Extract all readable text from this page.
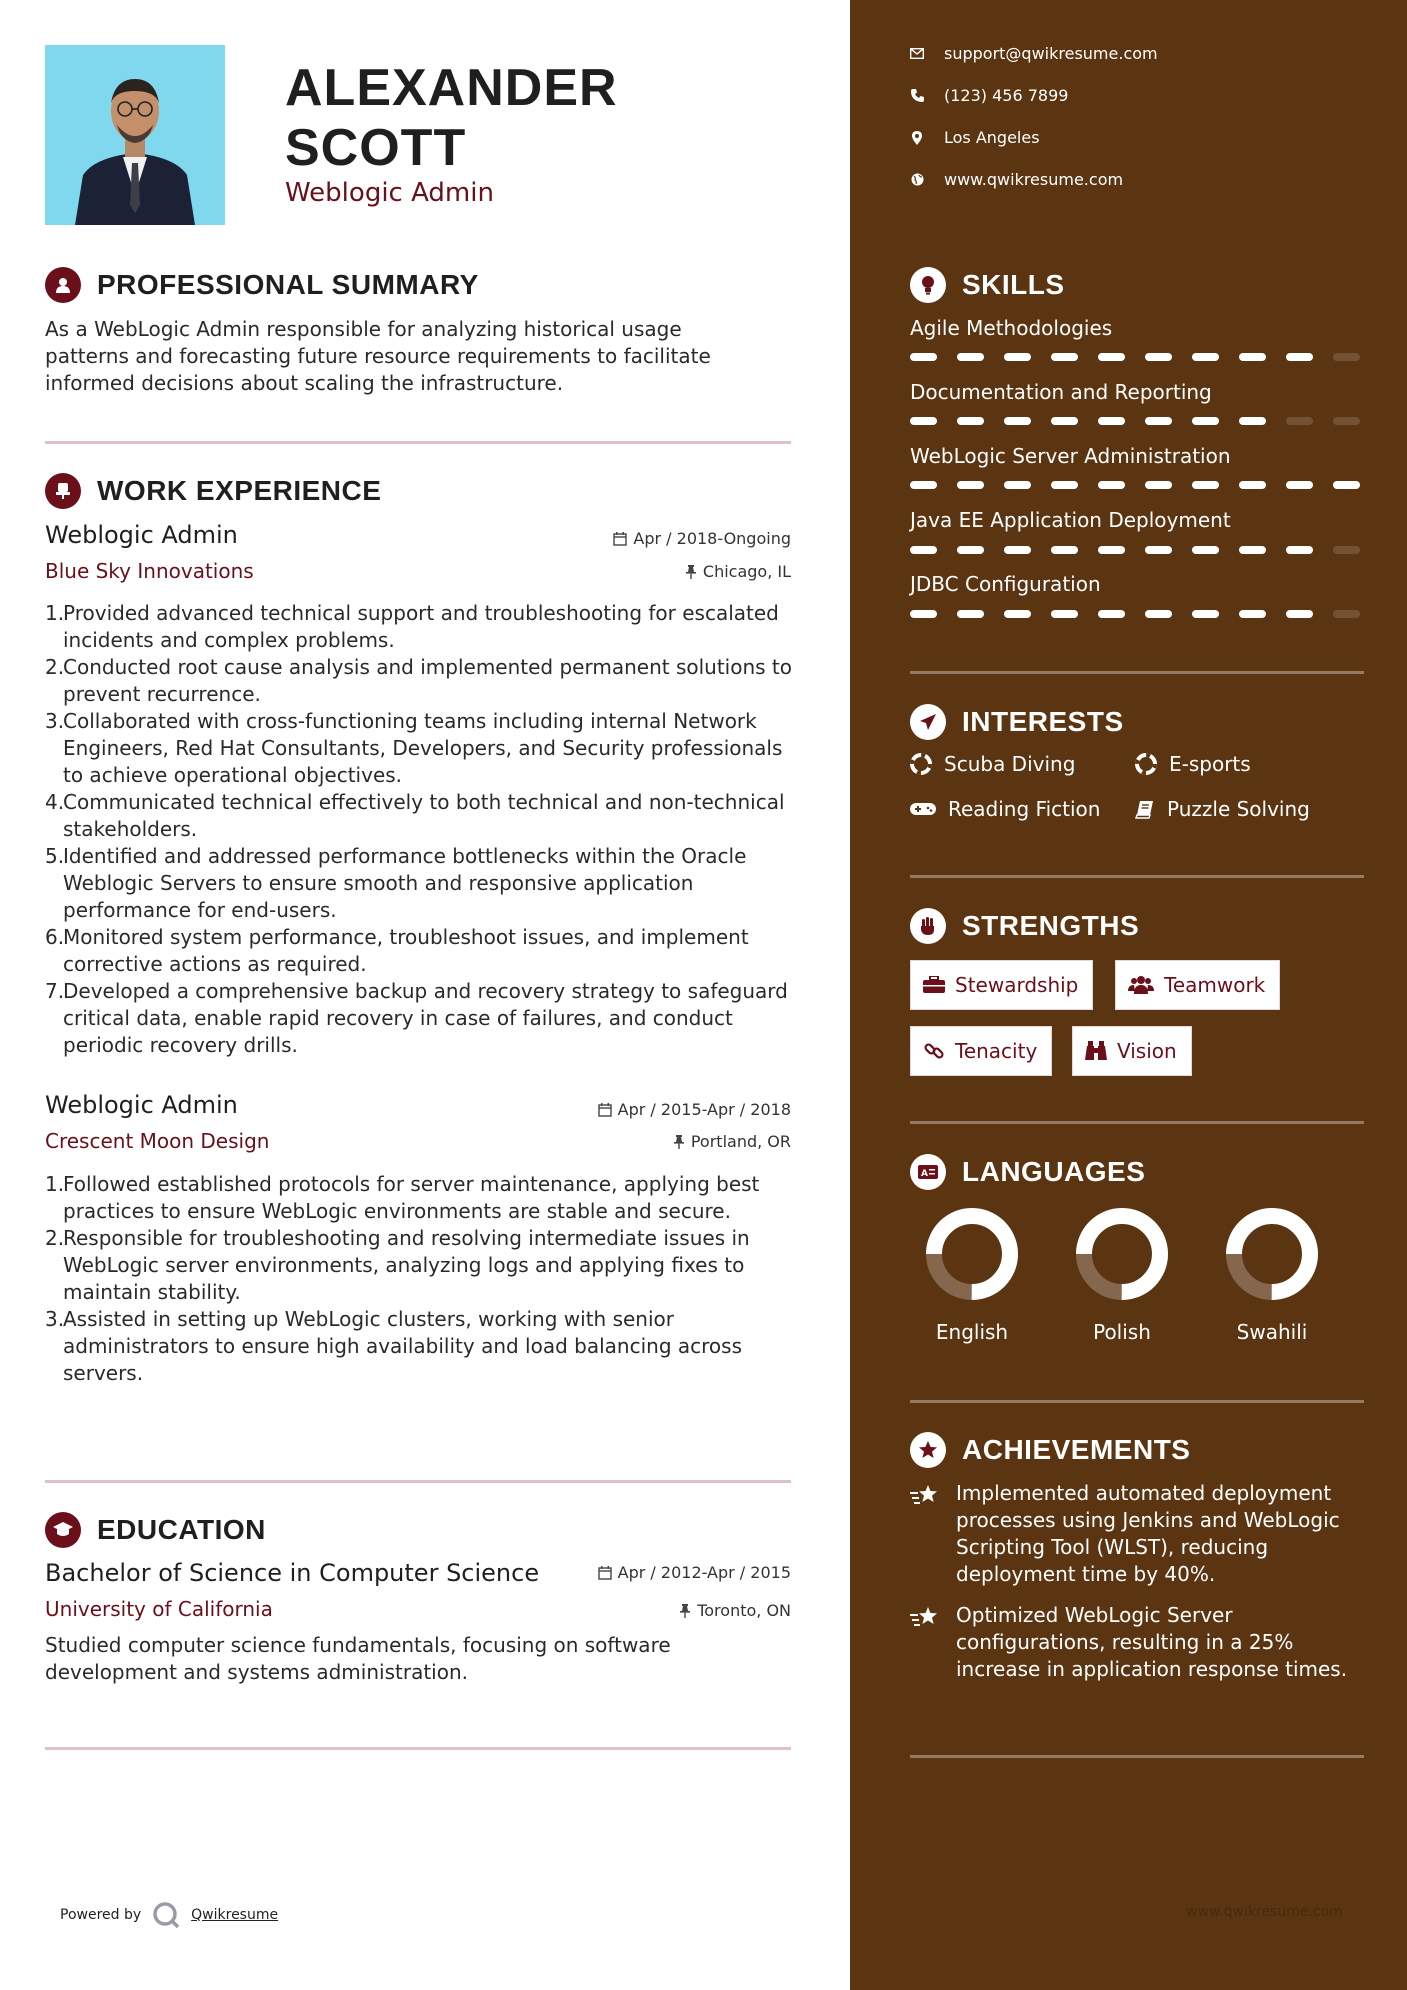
ALEXANDER
SCOTT
Weblogic Admin
PROFESSIONAL SUMMARY
As a WebLogic Admin responsible for analyzing historical usage patterns and forecasting future resource requirements to facilitate informed decisions about scaling the infrastructure.
WORK EXPERIENCE
Weblogic Admin	Apr / 2018-Ongoing
Blue Sky Innovations	Chicago, IL
1.
Provided advanced technical support and troubleshooting for escalated incidents and complex problems.
2.
Conducted root cause analysis and implemented permanent solutions to prevent recurrence.
3.
Collaborated with cross-functioning teams including internal Network Engineers, Red Hat Consultants, Developers, and Security professionals to achieve operational objectives.
4.
Communicated technical effectively to both technical and non-technical stakeholders.
5.
Identified and addressed performance bottlenecks within the Oracle Weblogic Servers to ensure smooth and responsive application performance for end-users.
6.
Monitored system performance, troubleshoot issues, and implement corrective actions as required.
7.
Developed a comprehensive backup and recovery strategy to safeguard critical data, enable rapid recovery in case of failures, and conduct periodic recovery drills.
Weblogic Admin	Apr / 2015-Apr / 2018
Crescent Moon Design	Portland, OR
1.
Followed established protocols for server maintenance, applying best practices to ensure WebLogic environments are stable and secure.
2.
Responsible for troubleshooting and resolving intermediate issues in WebLogic server environments, analyzing logs and applying fixes to maintain stability.
3.
Assisted in setting up WebLogic clusters, working with senior administrators to ensure high availability and load balancing across servers.
EDUCATION
Bachelor of Science in Computer Science	Apr / 2012-Apr / 2015
University of California	Toronto, ON
Studied computer science fundamentals, focusing on software development and systems administration.
Powered by	Qwikresume
support@qwikresume.com
(123) 456 7899
Los Angeles
www.qwikresume.com
SKILLS
Agile Methodologies
Documentation and Reporting
WebLogic Server Administration
Java EE Application Deployment
JDBC Configuration
INTERESTS
Scuba Diving	E-sports
Reading Fiction	Puzzle Solving
STRENGTHS
Stewardship	Teamwork
Tenacity	Vision
A LANGUAGES
English	Polish	Swahili
ACHIEVEMENTS
Implemented automated deployment processes using Jenkins and WebLogic Scripting Tool (WLST), reducing deployment time by 40%.
Optimized WebLogic Server configurations, resulting in a 25% increase in application response times.
www.qwikresume.com
